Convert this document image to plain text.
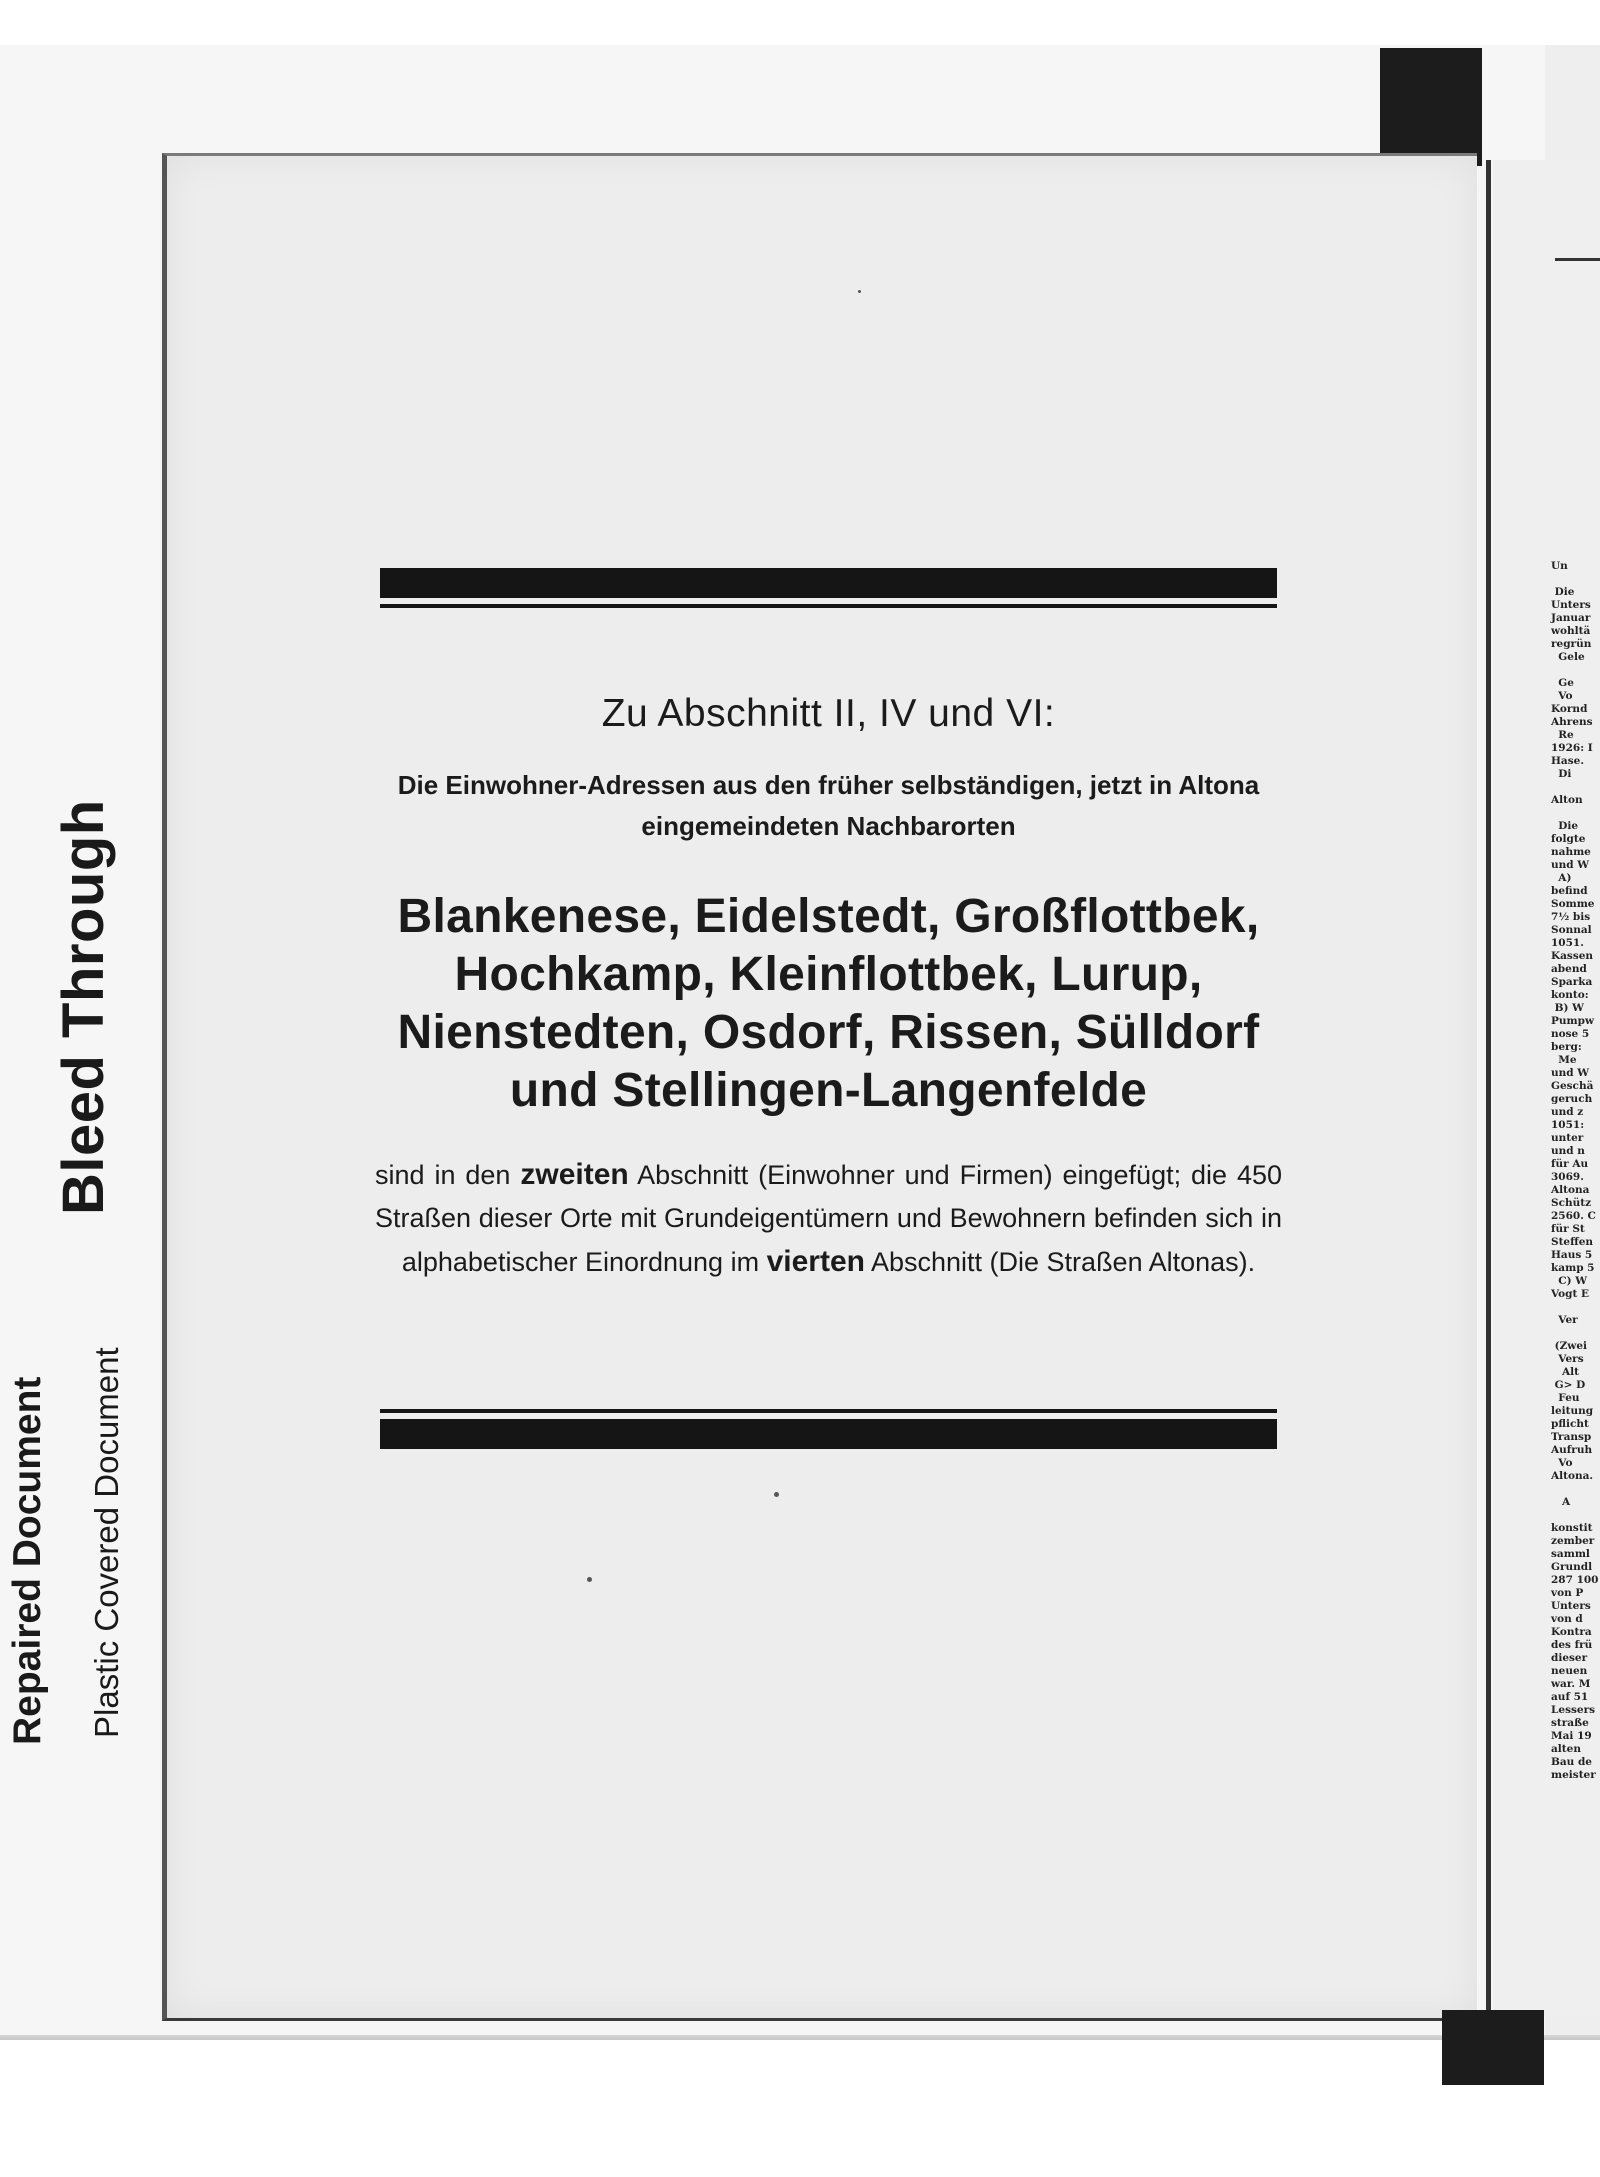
Un

Die
Unters
Januar
wohltä
regrün
Gele

Ge
Vo
Kornd
Ahrens
Re
1926: I
Hase.
Di

Alton

Die
folgte
nahme
und W
A)
befind
Somme
7½ bis
Sonnal
1051.
Kassen
abend
Sparka
konto:
B) W
Pumpw
nose 5
berg:
Me
und W
Geschä
geruch
und z
1051:
unter
und n
für Au
3069.
Altona
Schütz
2560. C
für St
Steffen
Haus 5
kamp 5
C) W
Vogt E

Ver

(Zwei
Vers
Alt
G> D
Feu
leitung
pflicht
Transp
Aufruh
Vo
Altona.

A

konstit
zember
samml
Grundl
287 100
von P
Unters
von d
Kontra
des frü
dieser
neuen
war. M
auf 51
Lessers
straße
Mai 19
alten
Bau de
meister
Zu Abschnitt II, IV und VI:
Die Einwohner-Adressen aus den früher selbständigen, jetzt in Altona eingemeindeten Nachbarorten
Blankenese, Eidelstedt, Großflottbek,
Hochkamp, Kleinflottbek, Lurup,
Nienstedten, Osdorf, Rissen, Sülldorf
und Stellingen-Langenfelde
sind in den zweiten Abschnitt (Einwohner und Firmen) eingefügt; die 450 Straßen dieser Orte mit Grundeigentümern und Bewohnern befinden sich in alphabetischer Einordnung im vierten Abschnitt (Die Straßen Altonas).
Bleed Through
Repaired Document Plastic Covered Document
